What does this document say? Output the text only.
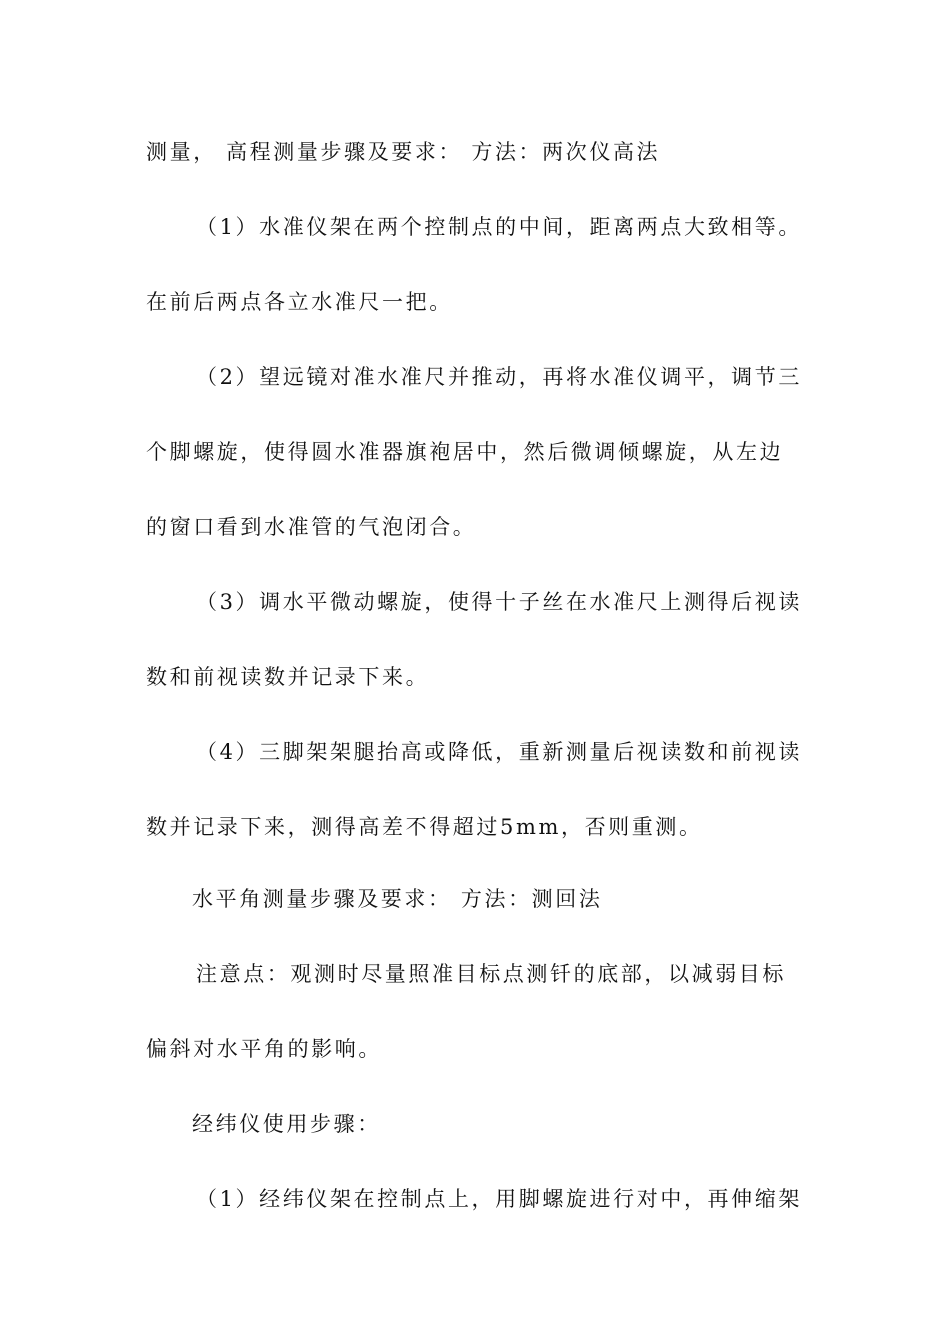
测量， 高程测量步骤及要求： 方法：两次仪高法
（1）水准仪架在两个控制点的中间，距离两点大致相等。
在前后两点各立水准尺一把。
（2）望远镜对准水准尺并推动，再将水准仪调平，调节三
个脚螺旋，使得圆水准器旗袍居中，然后微调倾螺旋，从左边
的窗口看到水准管的气泡闭合。
（3）调水平微动螺旋，使得十子丝在水准尺上测得后视读
数和前视读数并记录下来。
（4）三脚架架腿抬高或降低，重新测量后视读数和前视读
数并记录下来，测得高差不得超过5mm，否则重测。
水平角测量步骤及要求： 方法：测回法
注意点：观测时尽量照准目标点测钎的底部，以减弱目标
偏斜对水平角的影响。
经纬仪使用步骤：
（1）经纬仪架在控制点上，用脚螺旋进行对中，再伸缩架
